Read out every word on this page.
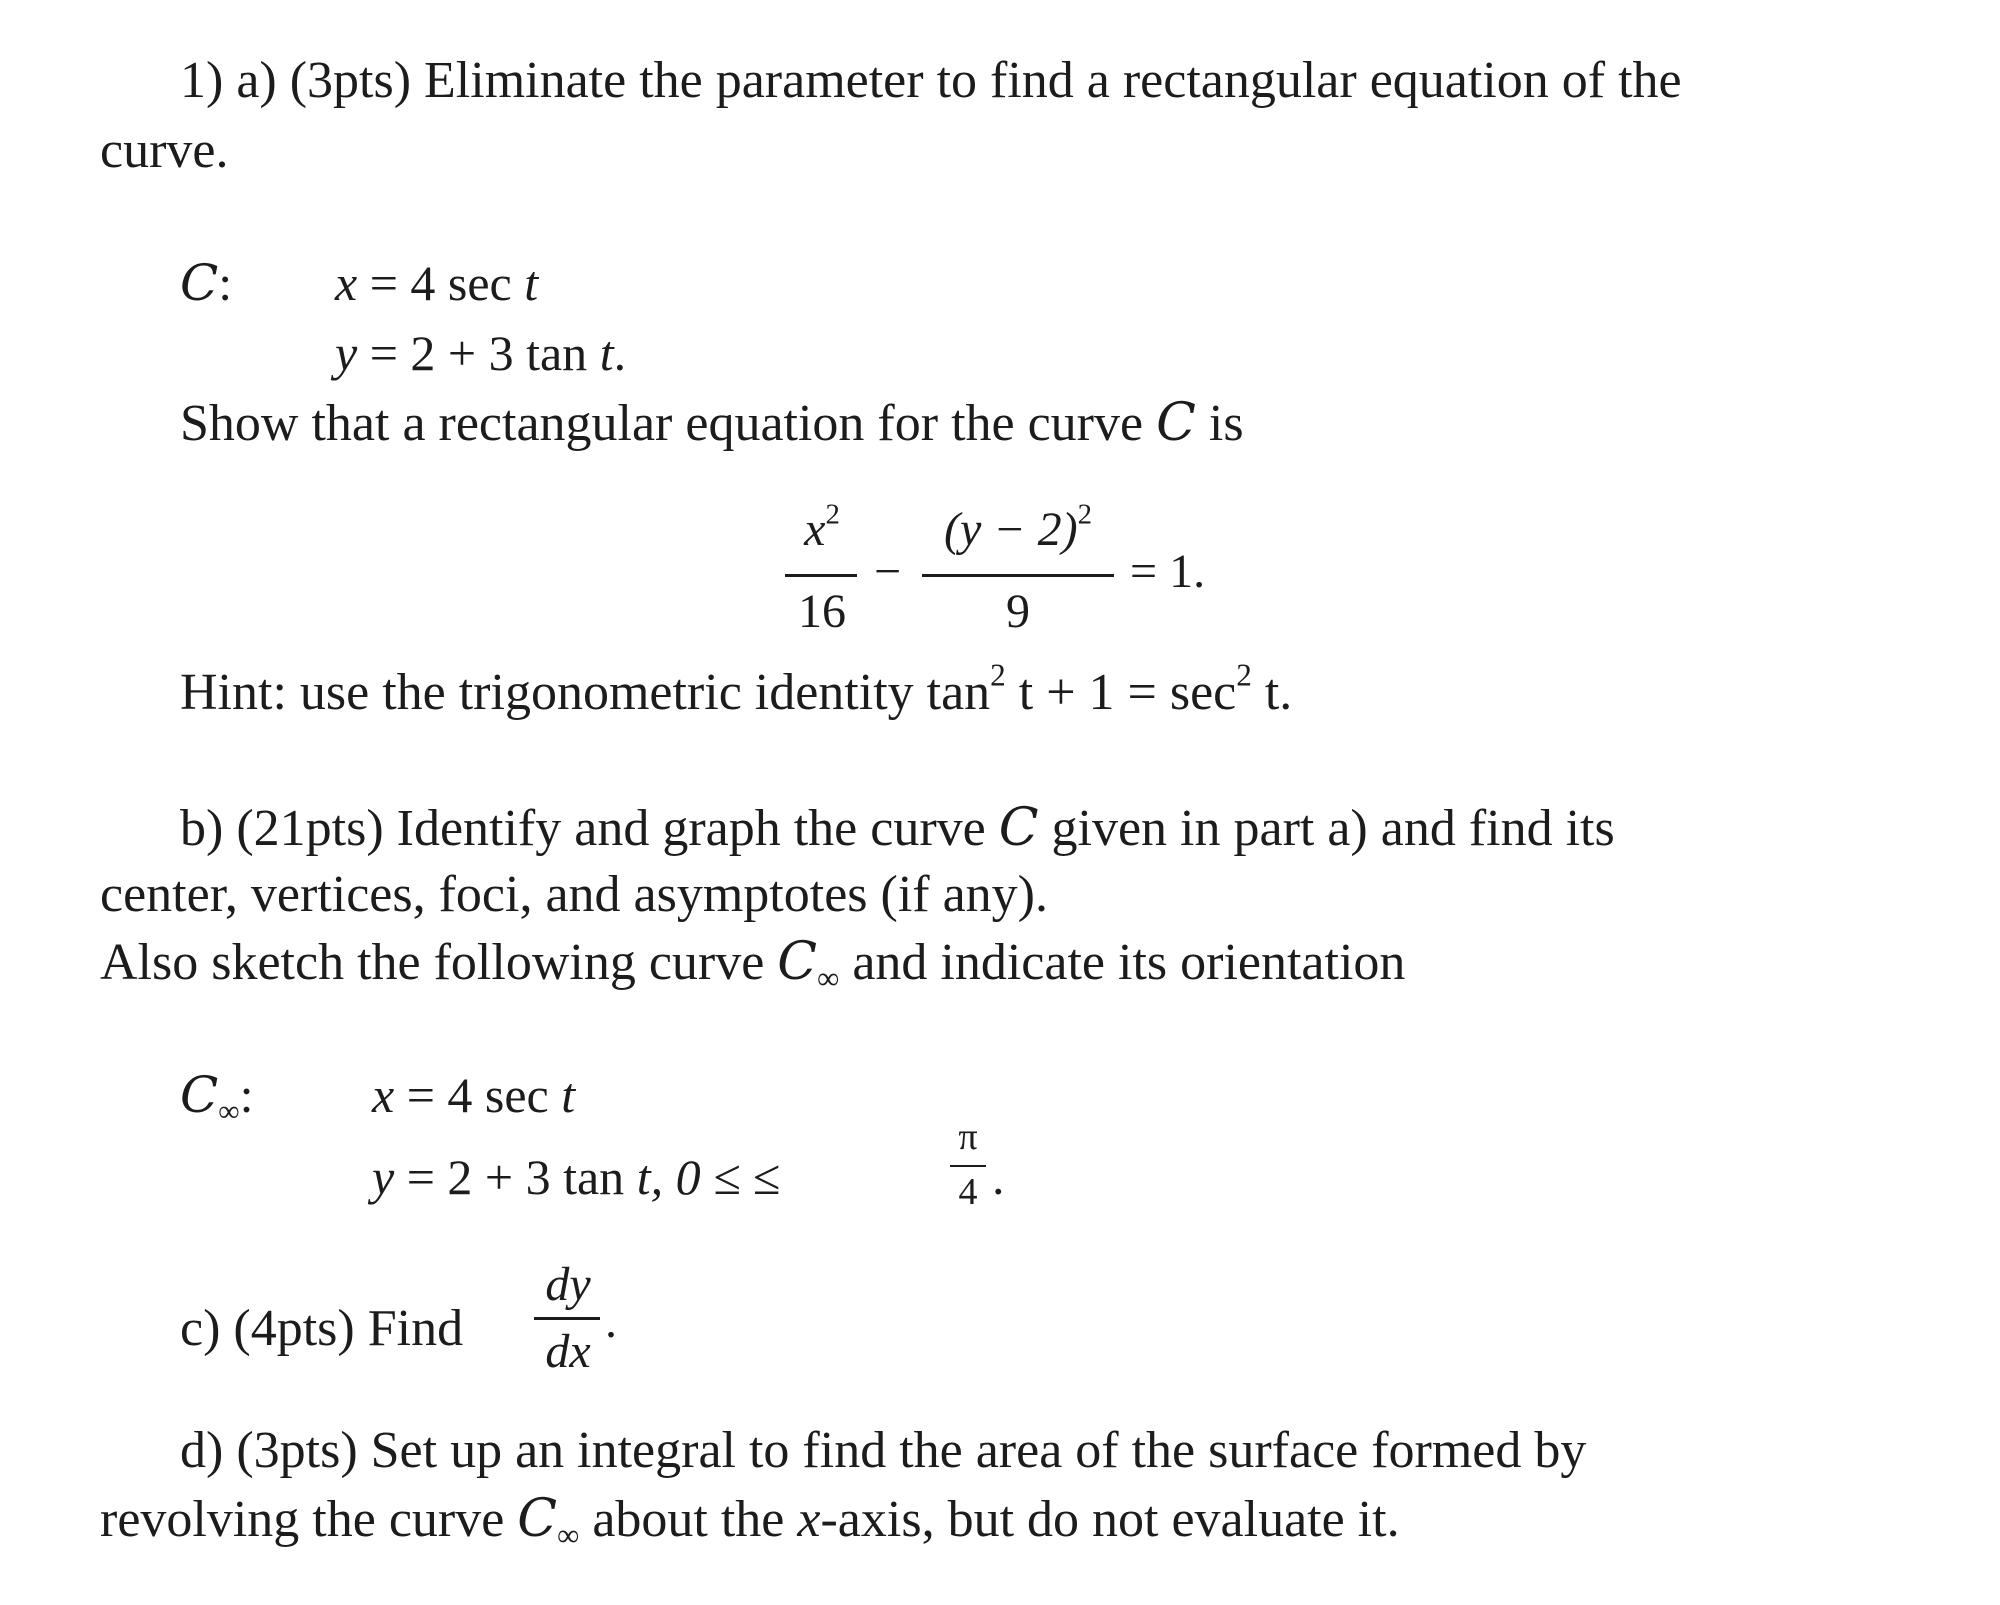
1) a) (3pts) Eliminate the parameter to find a rectangular equation of the
curve.
C: x = 4 sec t
y = 2 + 3 tan t.
Show that a rectangular equation for the curve C is
$x^2$
16
−
$(y - 2)^2$
9
= 1.
Hint: use the trigonometric identity $\tan^2 t + 1 = \sec^2 t$.
b) (21pts) Identify and graph the curve C given in part a) and find its
center, vertices, foci, and asymptotes (if any).
Also sketch the following curve $C_\infty$ and indicate its orientation
$C_\infty$: x = 4 sec t
y = 2 + 3 tan t, 0 ≤ ≤
π
4 .
c) (4pts) Find
dy
dx
.
d) (3pts) Set up an integral to find the area of the surface formed by
revolving the curve $C_\infty$ about the x-axis, but do not evaluate it.
